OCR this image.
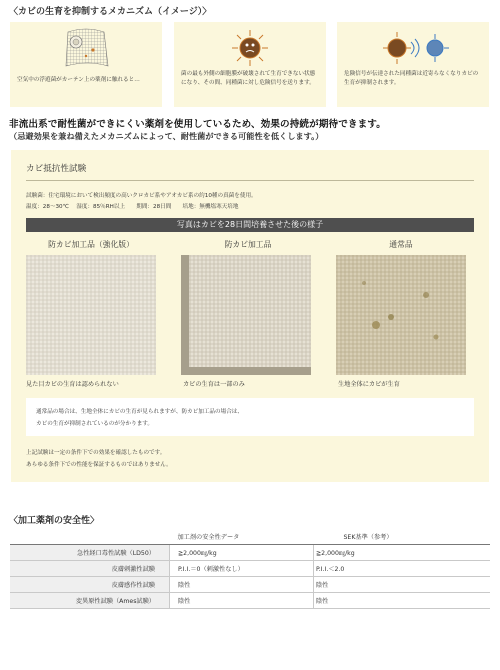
〈カビの生育を抑制するメカニズム（イメージ）〉
空気中の浮遊菌がカーテン上の薬剤に触れると…
菌の最も外側の細胞膜が破壊されて生育できない状態になり、その間、同種菌に対し危険信号を送ります。
危険信号が伝達された同種菌は近寄らなくなりカビの生育が抑制されます。
非流出系で耐性菌ができにくい薬剤を使用しているため、効果の持続が期待できます。
（忌避効果を兼ね備えたメカニズムによって、耐性菌ができる可能性を低くします。）
カビ抵抗性試験
試験菌：住宅環境において検出頻度の高いクロカビ系やアオカビ系の約10種の真菌を使用。
温度：28〜30℃　 湿度：85％RH以上　　期間：28日間　　培地：無機塩寒天培地
写真はカビを28日間培養させた後の様子
防カビ加工品（強化版）	防カビ加工品	通常品
見た目カビの生育は認められない	カビの生育は一部のみ	生地全体にカビが生育
通常品の場合は、生地全体にカビの生育が見られますが、防カビ加工品の場合は、
カビの生育が抑制されているのが分かります。
上記試験は一定の条件下での効果を確認したものです。
あらゆる条件下での性能を保証するものではありません。
〈加工薬剤の安全性〉
	加工剤の安全性データ	SEK基準（参考）
急性経口毒性試験（LD50）	≧2,000㎎/kg	≧2,000㎎/kg
皮膚刺激性試験	P.I.I.＝0（刺激性なし）	P.I.I.＜2.0
皮膚感作性試験	陰性	陰性
変異原性試験（Ames試験）	陰性	陰性
